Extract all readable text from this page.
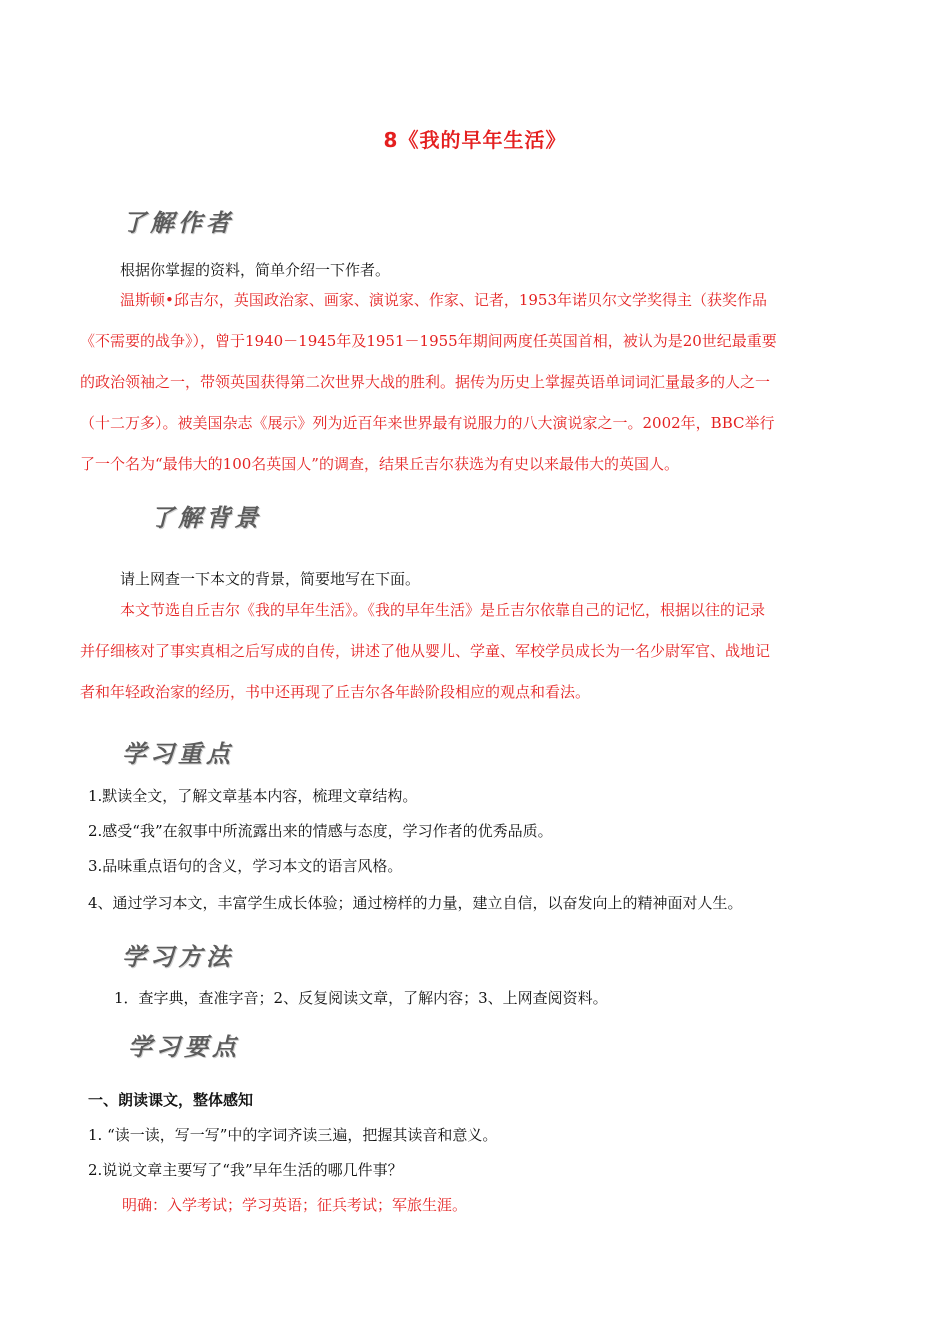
8《我的早年生活》
了解作者
根据你掌握的资料，简单介绍一下作者。
温斯顿•邱吉尔，英国政治家、画家、演说家、作家、记者，1953年诺贝尔文学奖得主（获奖作品
《不需要的战争》），曾于1940－1945年及1951－1955年期间两度任英国首相，被认为是20世纪最重要
的政治领袖之一，带领英国获得第二次世界大战的胜利。据传为历史上掌握英语单词词汇量最多的人之一
（十二万多）。被美国杂志《展示》列为近百年来世界最有说服力的八大演说家之一。2002年，BBC举行
了一个名为“最伟大的100名英国人”的调查，结果丘吉尔获选为有史以来最伟大的英国人。
了解背景
请上网查一下本文的背景，简要地写在下面。
本文节选自丘吉尔《我的早年生活》。《我的早年生活》是丘吉尔依靠自己的记忆，根据以往的记录
并仔细核对了事实真相之后写成的自传，讲述了他从婴儿、学童、军校学员成长为一名少尉军官、战地记
者和年轻政治家的经历，书中还再现了丘吉尔各年龄阶段相应的观点和看法。
学习重点
1.默读全文，了解文章基本内容，梳理文章结构。
2.感受“我”在叙事中所流露出来的情感与态度，学习作者的优秀品质。
3.品味重点语句的含义，学习本文的语言风格。
4、通过学习本文，丰富学生成长体验；通过榜样的力量，建立自信，以奋发向上的精神面对人生。
学习方法
1．查字典，查准字音；2、反复阅读文章，了解内容；3、上网查阅资料。
学习要点
一、朗读课文，整体感知
1. “读一读，写一写”中的字词齐读三遍，把握其读音和意义。
2.说说文章主要写了“我”早年生活的哪几件事？
明确：入学考试；学习英语；征兵考试；军旅生涯。
